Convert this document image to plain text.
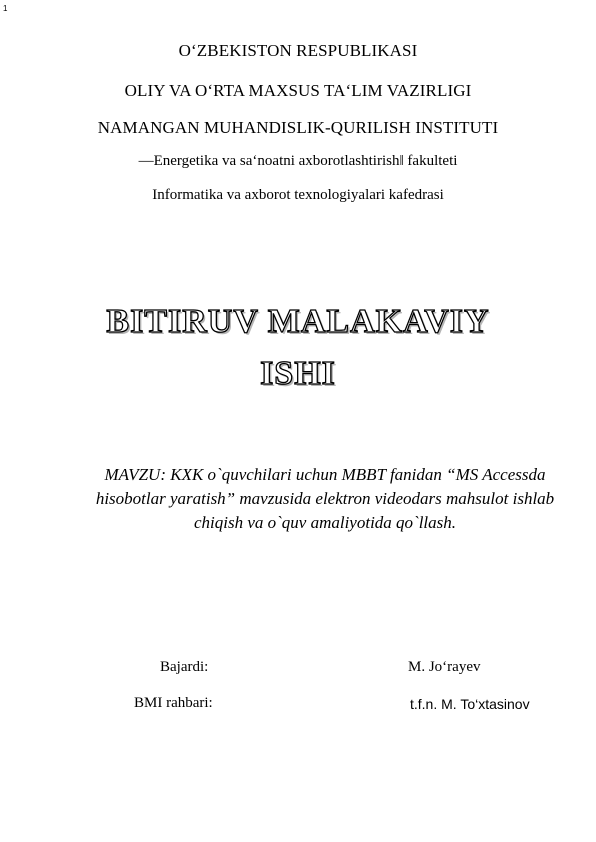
1
O‘ZBEKISTON RESPUBLIKASI
OLIY VA O‘RTA MAXSUS TA‘LIM VAZIRLIGI
NAMANGAN MUHANDISLIK-QURILISH INSTITUTI
―Energetika va sa‘noatni axborotlashtirish‖ fakulteti
Informatika va axborot texnologiyalari kafedrasi
BITIRUV MALAKAVIY
ISHI
MAVZU: KXK o`quvchilari uchun MBBT fanidan “MS Accessda hisobotlar yaratish” mavzusida elektron videodars mahsulot ishlab chiqish va o`quv amaliyotida qo`llash.
Bajardi:	M. Jo‘rayev
BMI rahbari:	t.f.n. M. To‘xtasinov
